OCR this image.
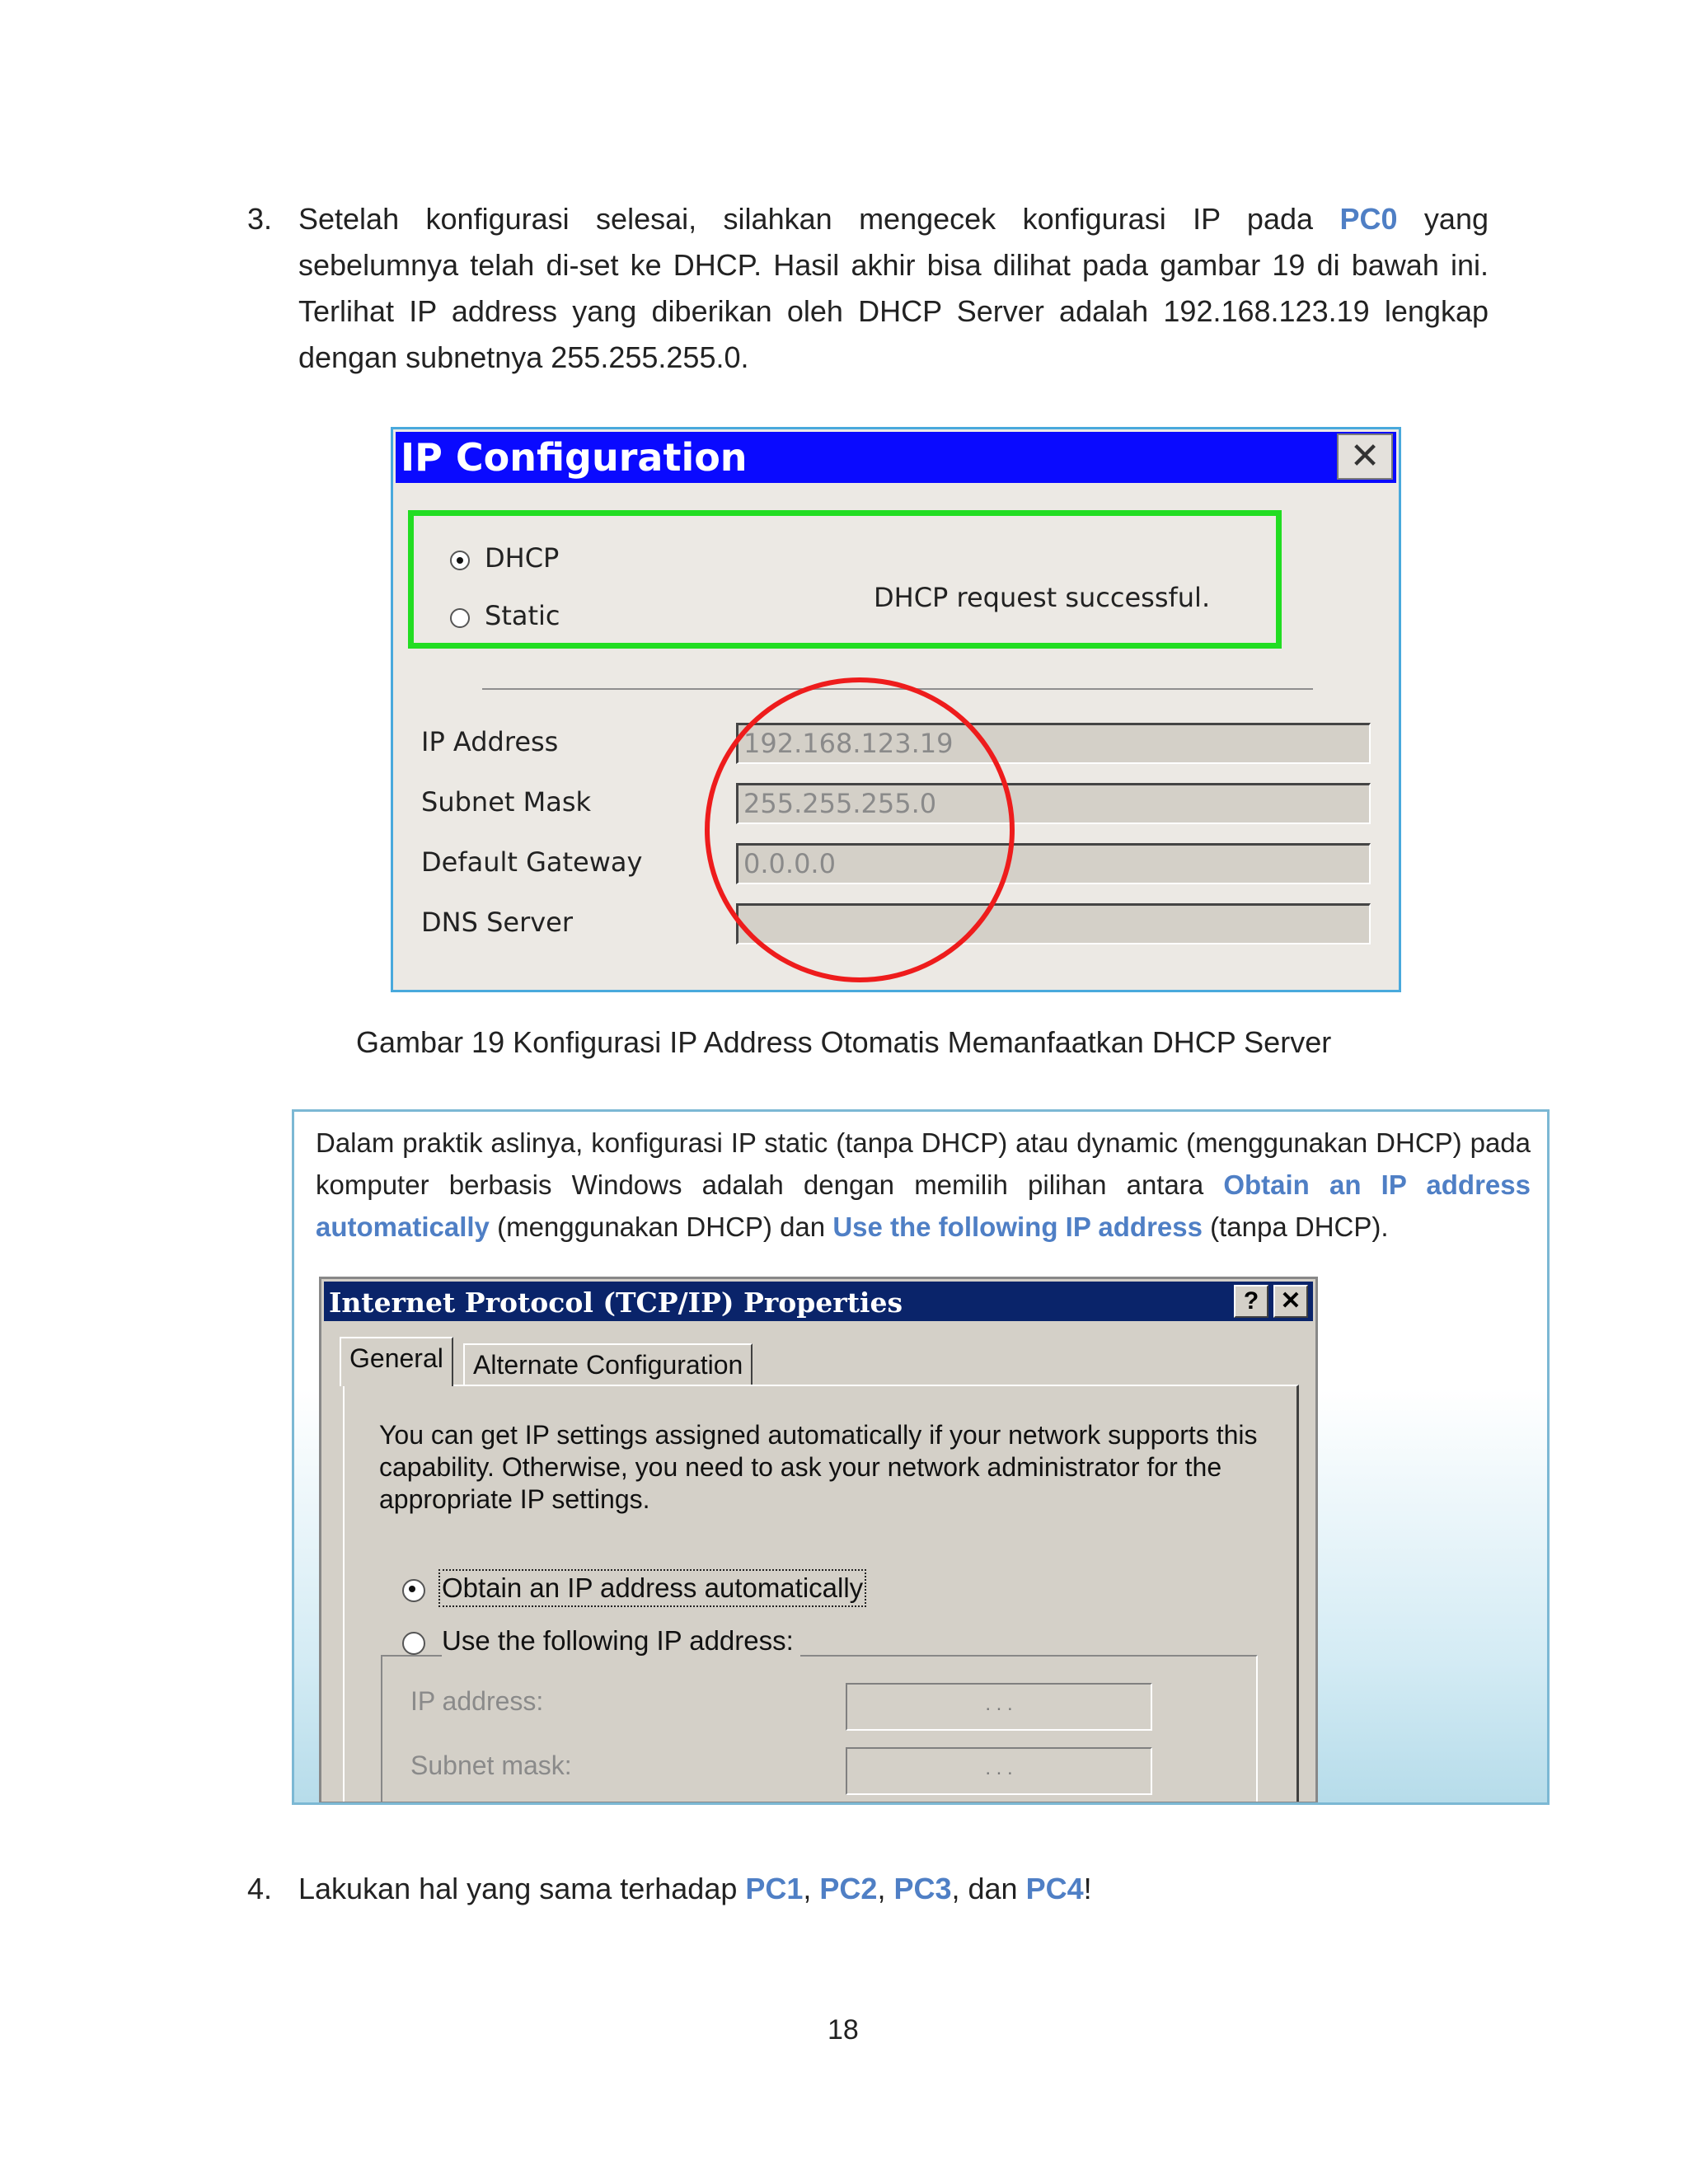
3. Setelah konfigurasi selesai, silahkan mengecek konfigurasi IP pada PC0 yang sebelumnya telah di-set ke DHCP. Hasil akhir bisa dilihat pada gambar 19 di bawah ini. Terlihat IP address yang diberikan oleh DHCP Server adalah 192.168.123.19 lengkap dengan subnetnya 255.255.255.0.
IP Configuration	✕
DHCP
Static
DHCP request successful.
IP Address	192.168.123.19
Subnet Mask	255.255.255.0
Default Gateway	0.0.0.0
DNS Server
Gambar 19 Konfigurasi IP Address Otomatis Memanfaatkan DHCP Server
Dalam praktik aslinya, konfigurasi IP static (tanpa DHCP) atau dynamic (menggunakan DHCP) pada komputer berbasis Windows adalah dengan memilih pilihan antara Obtain an IP address automatically (menggunakan DHCP) dan Use the following IP address (tanpa DHCP).
Internet Protocol (TCP/IP) Properties	? ✕
General	Alternate Configuration
You can get IP settings assigned automatically if your network supports this capability. Otherwise, you need to ask your network administrator for the appropriate IP settings.
Obtain an IP address automatically
Use the following IP address:
IP address:	. . .
Subnet mask:	. . .
4. Lakukan hal yang sama terhadap PC1, PC2, PC3, dan PC4!
18
